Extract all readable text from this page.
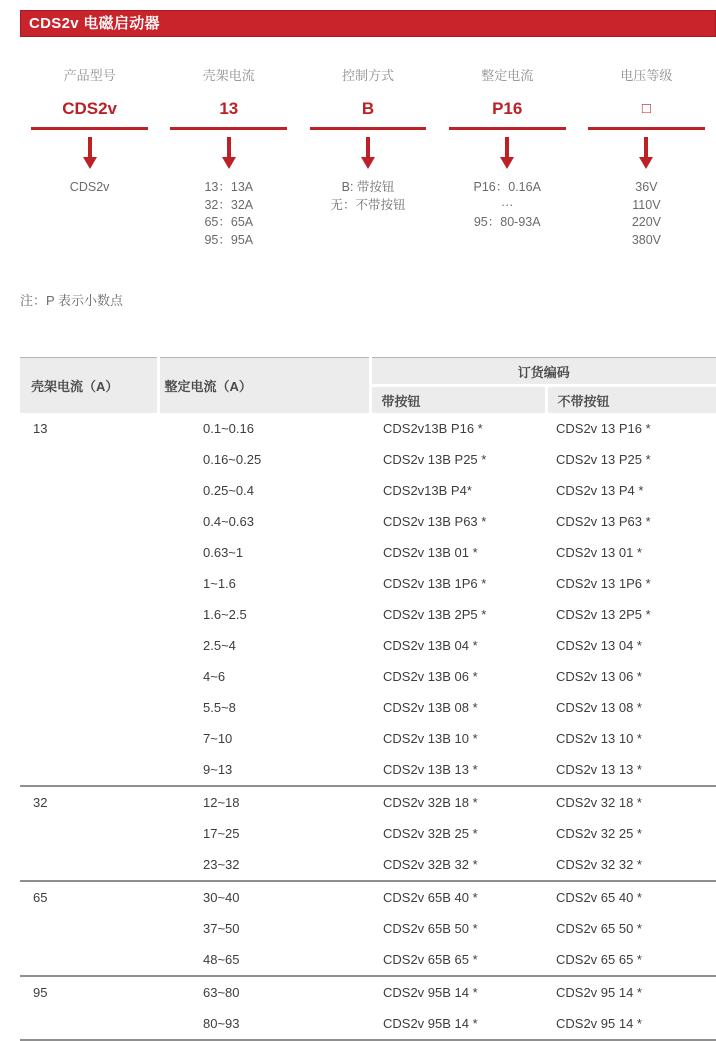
CDS2v 电磁启动器
产品型号
CDS2v
CDS2v
壳架电流
13
13：13A
32：32A
65：65A
95：95A
控制方式
B
B: 带按钮
无：不带按钮
整定电流
P16
P16：0.16A
···
95：80-93A
电压等级
□
36V
110V
220V
380V
注：P 表示小数点
壳架电流（A）	整定电流（A）	订货编码	
		带按钮	不带按钮
13	0.1~0.16	CDS2v13B P16 *	CDS2v 13 P16 *
	0.16~0.25	CDS2v 13B P25 *	CDS2v 13 P25 *
	0.25~0.4	CDS2v13B P4*	CDS2v 13 P4 *
	0.4~0.63	CDS2v 13B P63 *	CDS2v 13 P63 *
	0.63~1	CDS2v 13B 01 *	CDS2v 13 01 *
	1~1.6	CDS2v 13B 1P6 *	CDS2v 13 1P6 *
	1.6~2.5	CDS2v 13B 2P5 *	CDS2v 13 2P5 *
	2.5~4	CDS2v 13B 04 *	CDS2v 13 04 *
	4~6	CDS2v 13B 06 *	CDS2v 13 06 *
	5.5~8	CDS2v 13B 08 *	CDS2v 13 08 *
	7~10	CDS2v 13B 10 *	CDS2v 13 10 *
	9~13	CDS2v 13B 13 *	CDS2v 13 13 *
32	12~18	CDS2v 32B 18 *	CDS2v 32 18 *
	17~25	CDS2v 32B 25 *	CDS2v 32 25 *
	23~32	CDS2v 32B 32 *	CDS2v 32 32 *
65	30~40	CDS2v 65B 40 *	CDS2v 65 40 *
	37~50	CDS2v 65B 50 *	CDS2v 65 50 *
	48~65	CDS2v 65B 65 *	CDS2v 65 65 *
95	63~80	CDS2v 95B 14 *	CDS2v 95 14 *
	80~93	CDS2v 95B 14 *	CDS2v 95 14 *
